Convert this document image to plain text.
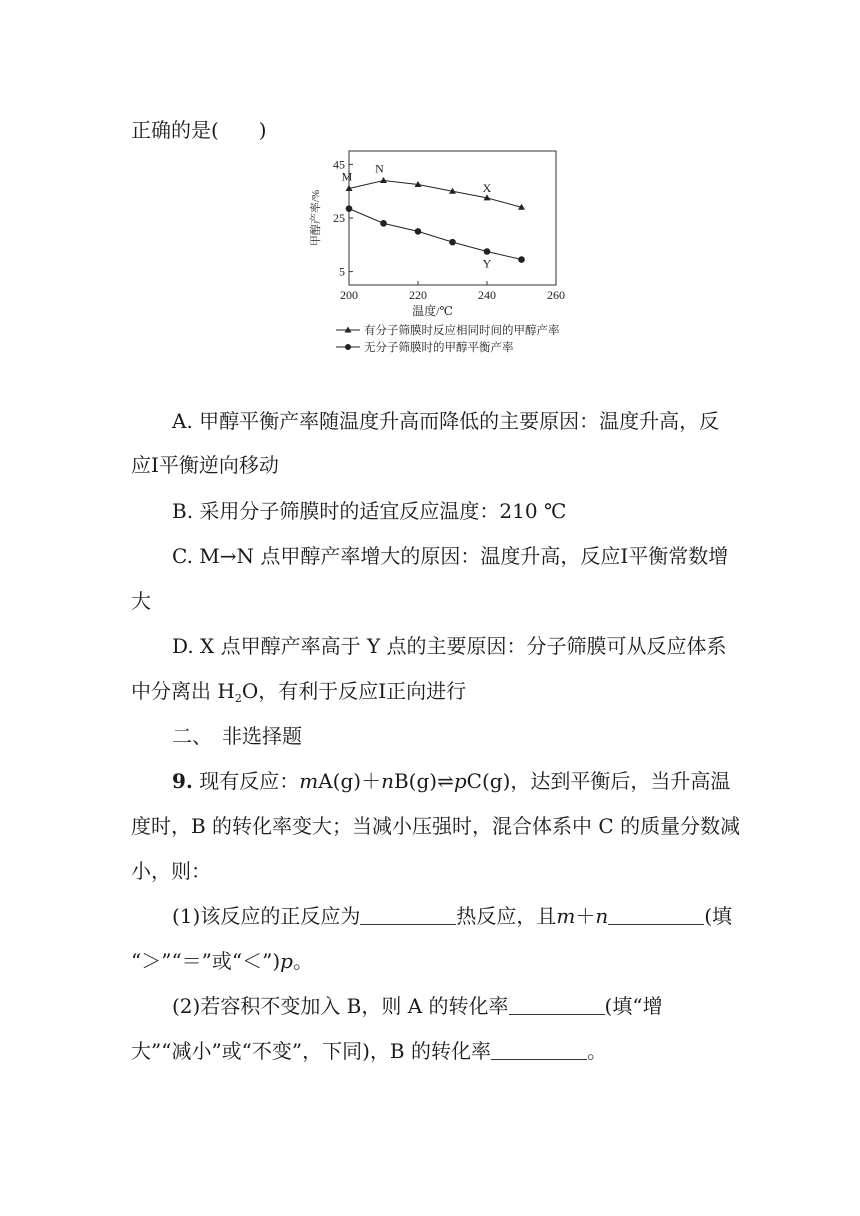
正确的是(　　)
200	220	240	260
5
25
45
温度/℃
甲醇产率/%
M
N
X
Y
有分子筛膜时反应相同时间的甲醇产率
无分子筛膜时的甲醇平衡产率
A. 甲醇平衡产率随温度升高而降低的主要原因：温度升高，反
应Ⅰ平衡逆向移动
B. 采用分子筛膜时的适宜反应温度：210 ℃
C. M→N 点甲醇产率增大的原因：温度升高，反应Ⅰ平衡常数增
大
D. X 点甲醇产率高于 Y 点的主要原因：分子筛膜可从反应体系
中分离出 $H_2O$，有利于反应Ⅰ正向进行
二、　非选择题
9. 现有反应：mA(g)＋nB(g)⇌pC(g)，达到平衡后，当升高温
度时，B 的转化率变大；当减小压强时，混合体系中 C 的质量分数减
小，则：
(1)该反应的正反应为	热反应，且m＋n	(填
“＞”“＝”或“＜”)p。
(2)若容积不变加入 B，则 A 的转化率	(填“增
大”“减小”或“不变”，下同)，B 的转化率	。
